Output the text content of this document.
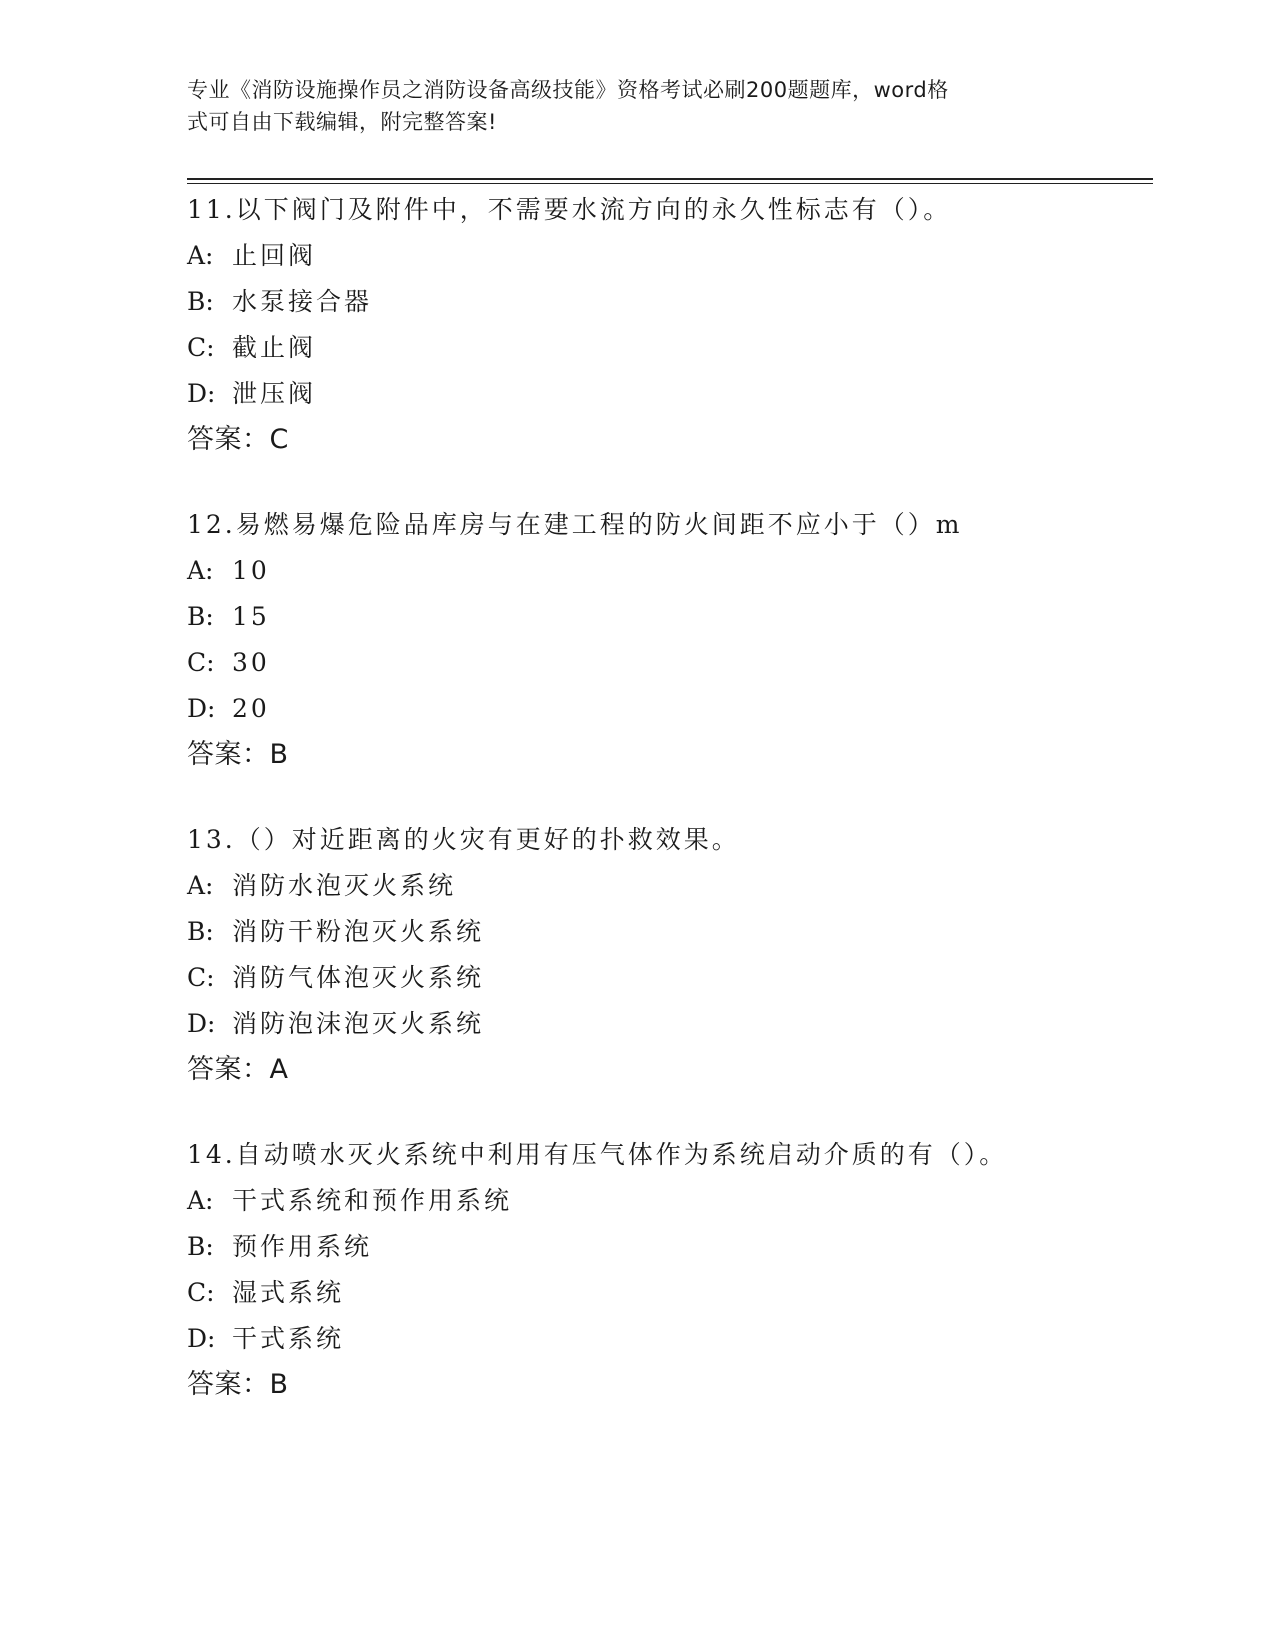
专业《消防设施操作员之消防设备高级技能》资格考试必刷200题题库，word格
式可自由下载编辑，附完整答案!
11.以下阀门及附件中，不需要水流方向的永久性标志有（）。
A: 止回阀
B: 水泵接合器
C: 截止阀
D: 泄压阀
答案：C
12.易燃易爆危险品库房与在建工程的防火间距不应小于（）m
A: 10
B: 15
C: 30
D: 20
答案：B
13.（）对近距离的火灾有更好的扑救效果。
A: 消防水泡灭火系统
B: 消防干粉泡灭火系统
C: 消防气体泡灭火系统
D: 消防泡沫泡灭火系统
答案：A
14.自动喷水灭火系统中利用有压气体作为系统启动介质的有（）。
A: 干式系统和预作用系统
B: 预作用系统
C: 湿式系统
D: 干式系统
答案：B
